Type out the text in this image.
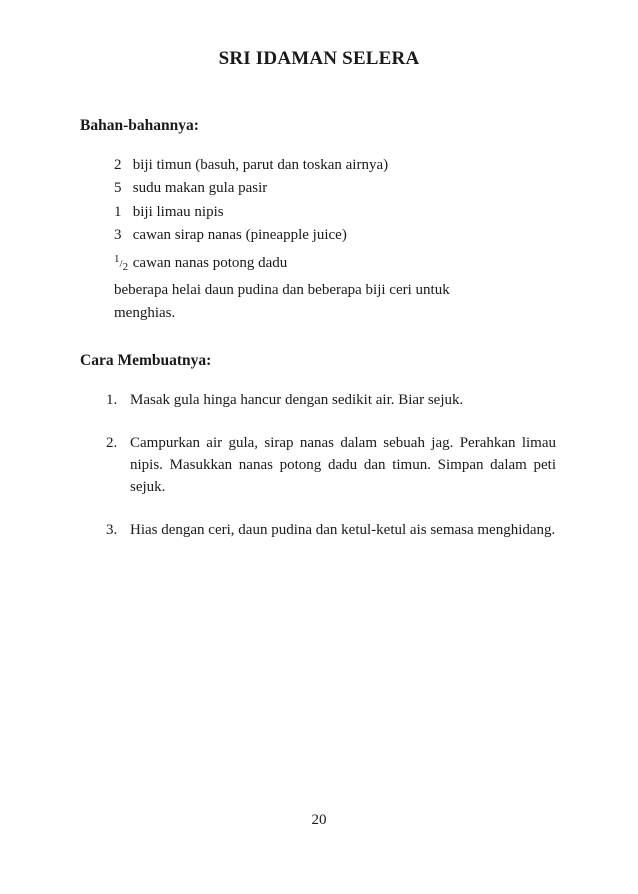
SRI IDAMAN SELERA
Bahan-bahannya:
2 biji timun (basuh, parut dan toskan airnya)
5 sudu makan gula pasir
1 biji limau nipis
3 cawan sirap nanas (pineapple juice)
1/2 cawan nanas potong dadu
beberapa helai daun pudina dan beberapa biji ceri untuk
menghias.
Cara Membuatnya:
1. Masak gula hinga hancur dengan sedikit air. Biar sejuk.
2. Campurkan air gula, sirap nanas dalam sebuah jag. Perahkan limau nipis. Masukkan nanas potong dadu dan timun. Simpan dalam peti sejuk.
3. Hias dengan ceri, daun pudina dan ketul-ketul ais semasa menghidang.
20
